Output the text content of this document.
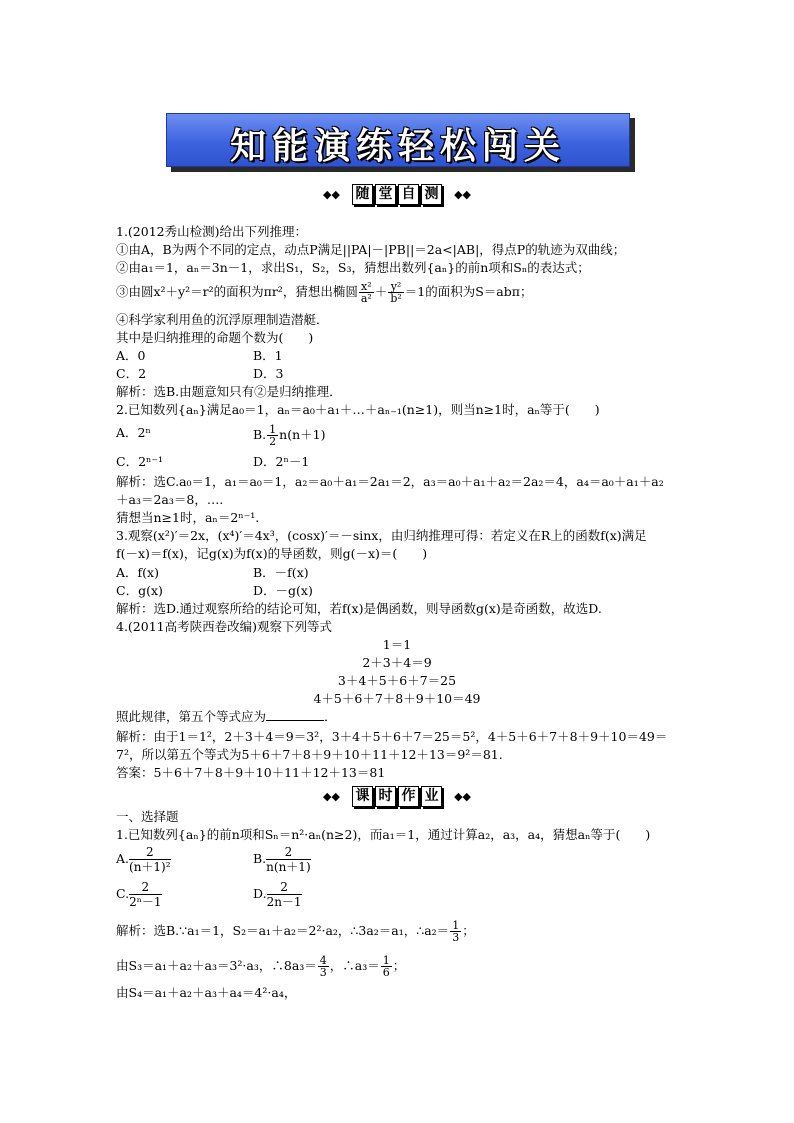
知能演练轻松闯关
◆◆ 随 堂 自 测 ◆◆
1.(2012秀山检测)给出下列推理：
①由A，B为两个不同的定点，动点P满足||PA|－|PB||＝2a<|AB|，得点P的轨迹为双曲线；
②由a₁＝1，aₙ＝3n－1，求出S₁，S₂，S₃，猜想出数列{aₙ}的前n项和Sₙ的表达式；
③由圆x²＋y²＝r²的面积为πr²，猜想出椭圆 $\frac{\text{x²}}{\text{a²}} + \frac{\text{y²}}{\text{b²}} =1$的面积为S＝abπ；
④科学家利用鱼的沉浮原理制造潜艇．
其中是归纳推理的命题个数为(　　)
A．0	B．1
C．2	D．3
解析：选B.由题意知只有②是归纳推理．
2.已知数列{aₙ}满足a₀＝1，aₙ＝a₀＋a₁＋…＋aₙ₋₁(n≥1)，则当n≥1时，aₙ等于(　　)
A．2ⁿ	B. $\frac{1}{2} n(n+1)$
C．2ⁿ⁻¹	D．2ⁿ－1
解析：选C.a₀＝1，a₁＝a₀＝1，a₂＝a₀＋a₁＝2a₁＝2，a₃＝a₀＋a₁＋a₂＝2a₂＝4，a₄＝a₀＋a₁＋a₂
＋a₃＝2a₃＝8，….
猜想当n≥1时，aₙ＝2ⁿ⁻¹.
3.观察(x²)′＝2x，(x⁴)′＝4x³，(cosx)′＝－sinx，由归纳推理可得：若定义在R上的函数f(x)满足
f(－x)＝f(x)，记g(x)为f(x)的导函数，则g(－x)＝(　　)
A．f(x)	B．－f(x)
C．g(x)	D．－g(x)
解析：选D.通过观察所给的结论可知，若f(x)是偶函数，则导函数g(x)是奇函数，故选D.
4.(2011高考陕西卷改编)观察下列等式
1＝1
2＋3＋4＝9
3＋4＋5＋6＋7＝25
4＋5＋6＋7＋8＋9＋10＝49
照此规律，第五个等式应为	．
解析：由于1＝1²，2＋3＋4＝9＝3²，3＋4＋5＋6＋7＝25＝5²，4＋5＋6＋7＋8＋9＋10＝49＝
7²，所以第五个等式为5＋6＋7＋8＋9＋10＋11＋12＋13＝9²＝81.
答案：5＋6＋7＋8＋9＋10＋11＋12＋13＝81
◆◆ 课 时 作 业 ◆◆
一、选择题
1.已知数列{aₙ}的前n项和Sₙ＝n²·aₙ(n≥2)，而a₁＝1，通过计算a₂，a₃，a₄，猜想aₙ等于(　　)
A. $\frac{2}{\text{(n＋1)²}}$	B. $\frac{2}{n(n+1)}$
C. $\frac{2}{\text{2ⁿ－1}}$	D. $\frac{2}{2n-1}$
解析：选B.∵a₁＝1，S₂＝a₁＋a₂＝2²·a₂，∴3a₂＝a₁，∴a₂＝ $\frac{1}{3}$ ；
由S₃＝a₁＋a₂＋a₃＝3²·a₃，∴8a₃＝ $\frac{4}{3}$ ，∴a₃＝ $\frac{1}{6}$ ；
由S₄＝a₁＋a₂＋a₃＋a₄＝4²·a₄，
